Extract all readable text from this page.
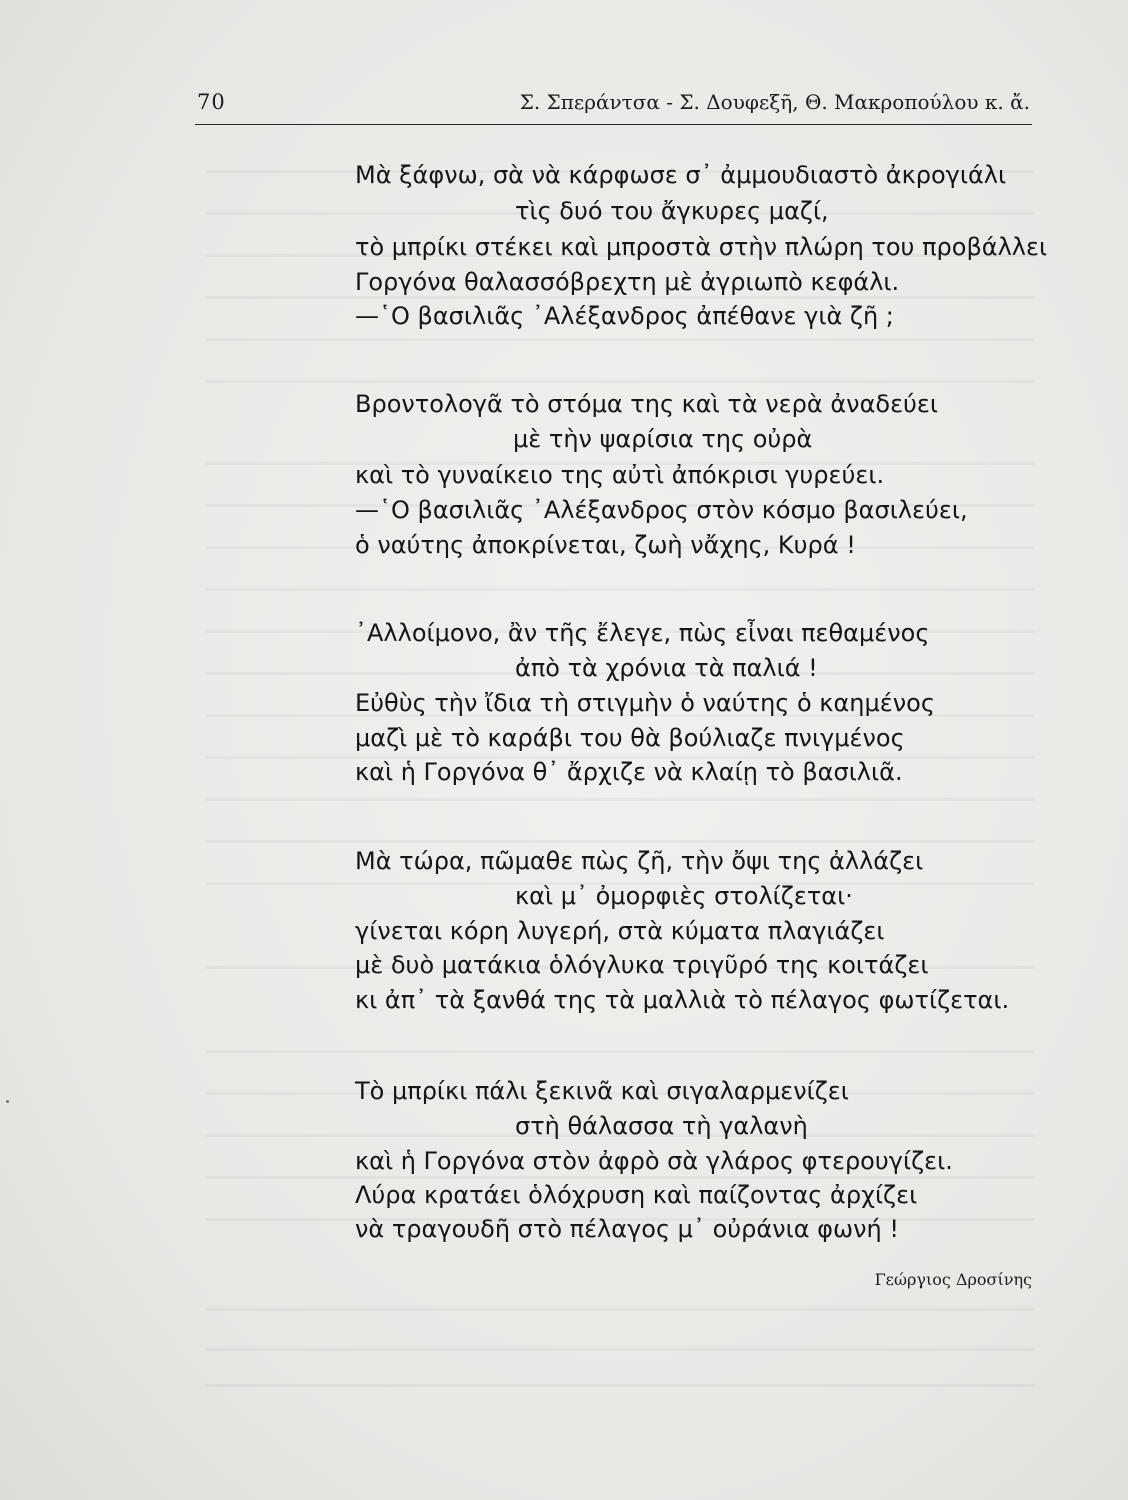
70	Σ. Σπεράντσα - Σ. Δουφεξῆ, Θ. Μακροπούλου κ. ἄ.
Μὰ ξάφνω, σὰ νὰ κάρφωσε σ᾽ ἀμμουδιαστὸ ἀκρογιάλι
τὶς δυό του ἄγκυρες μαζί,
τὸ μπρίκι στέκει καὶ μπροστὰ στὴν πλώρη του προβάλλει
Γοργόνα θαλασσόβρεχτη μὲ ἀγριωπὸ κεφάλι.
—῾Ο βασιλιᾶς ᾽Αλέξανδρος ἀπέθανε γιὰ ζῆ ;
Βροντολογᾶ τὸ στόμα της καὶ τὰ νερὰ ἀναδεύει
μὲ τὴν ψαρίσια της οὐρὰ
καὶ τὸ γυναίκειο της αὐτὶ ἀπόκρισι γυρεύει.
—῾Ο βασιλιᾶς ᾽Αλέξανδρος στὸν κόσμο βασιλεύει,
ὁ ναύτης ἀποκρίνεται, ζωὴ νἄχης, Κυρά !
᾽Αλλοίμονο, ἂν τῆς ἔλεγε, πὼς εἶναι πεθαμένος
ἀπὸ τὰ χρόνια τὰ παλιά !
Εὐθὺς τὴν ἴδια τὴ στιγμὴν ὁ ναύτης ὁ καημένος
μαζὶ μὲ τὸ καράβι του θὰ βούλιαζε πνιγμένος
καὶ ἡ Γοργόνα θ᾽ ἄρχιζε νὰ κλαίῃ τὸ βασιλιᾶ.
Μὰ τώρα, πῶμαθε πὼς ζῆ, τὴν ὄψι της ἀλλάζει
καὶ μ᾽ ὀμορφιὲς στολίζεται·
γίνεται κόρη λυγερή, στὰ κύματα πλαγιάζει
μὲ δυὸ ματάκια ὁλόγλυκα τριγῦρό της κοιτάζει
κι ἀπ᾽ τὰ ξανθά της τὰ μαλλιὰ τὸ πέλαγος φωτίζεται.
Τὸ μπρίκι πάλι ξεκινᾶ καὶ σιγαλαρμενίζει
στὴ θάλασσα τὴ γαλανὴ
καὶ ἡ Γοργόνα στὸν ἀφρὸ σὰ γλάρος φτερουγίζει.
Λύρα κρατάει ὁλόχρυση καὶ παίζοντας ἀρχίζει
νὰ τραγουδῆ στὸ πέλαγος μ᾽ οὐράνια φωνή !
Γεώργιος Δροσίνης
